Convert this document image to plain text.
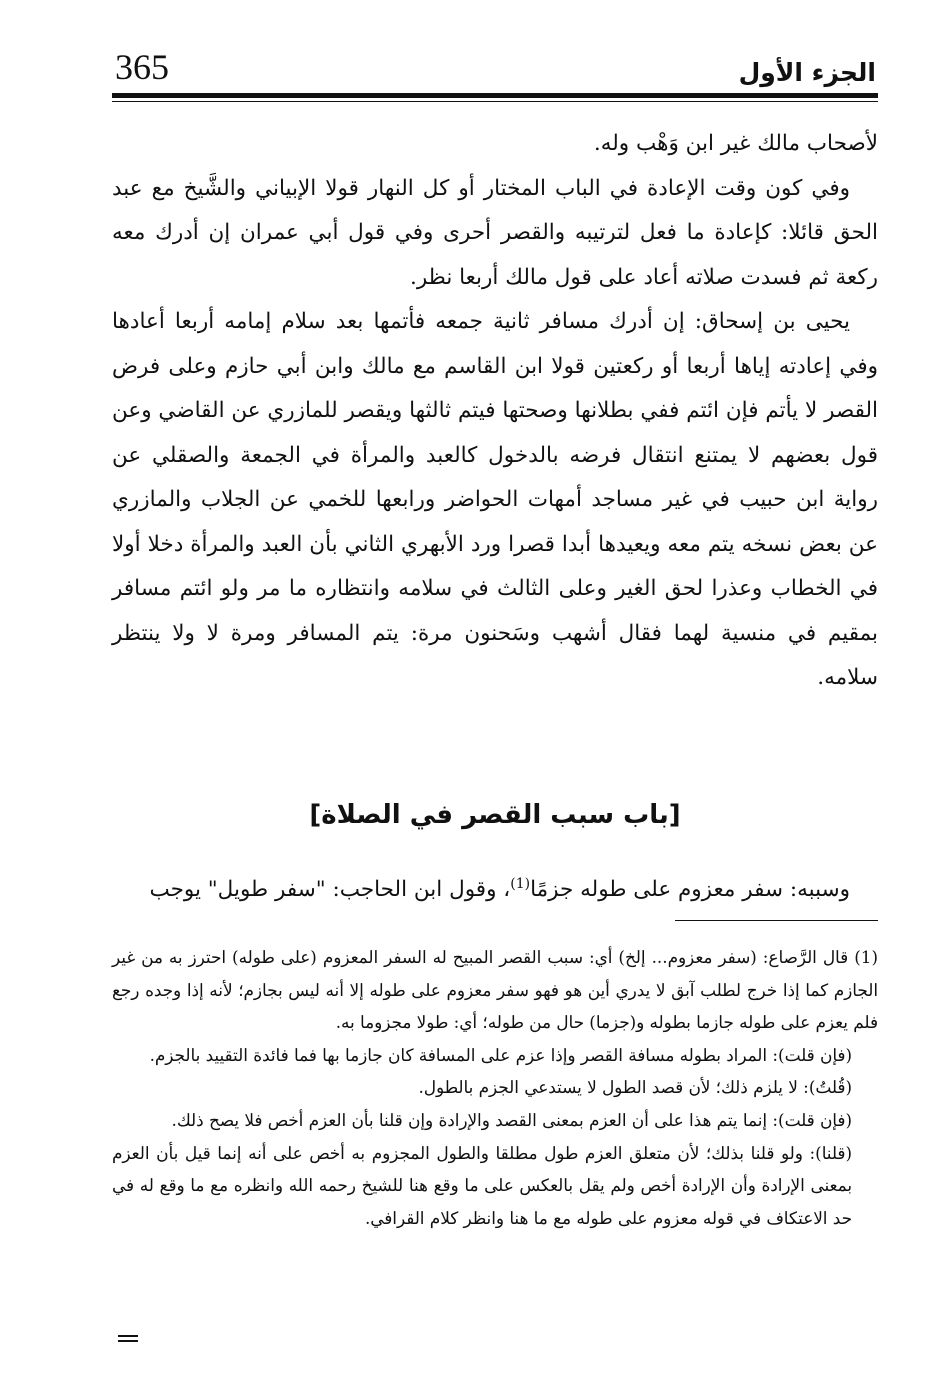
365	الجزء الأول

لأصحاب مالك غير ابن وَهْب وله.

وفي كون وقت الإعادة في الباب المختار أو كل النهار قولا الإبياني والشَّيخ مع عبد الحق قائلا: كإعادة ما فعل لترتيبه والقصر أحرى وفي قول أبي عمران إن أدرك معه ركعة ثم فسدت صلاته أعاد على قول مالك أربعا نظر.

يحيى بن إسحاق: إن أدرك مسافر ثانية جمعه فأتمها بعد سلام إمامه أربعا أعادها وفي إعادته إياها أربعا أو ركعتين قولا ابن القاسم مع مالك وابن أبي حازم وعلى فرض القصر لا يأتم فإن ائتم ففي بطلانها وصحتها فيتم ثالثها ويقصر للمازري عن القاضي وعن قول بعضهم لا يمتنع انتقال فرضه بالدخول كالعبد والمرأة في الجمعة والصقلي عن رواية ابن حبيب في غير مساجد أمهات الحواضر ورابعها للخمي عن الجلاب والمازري عن بعض نسخه يتم معه ويعيدها أبدا قصرا ورد الأبهري الثاني بأن العبد والمرأة دخلا أولا في الخطاب وعذرا لحق الغير وعلى الثالث في سلامه وانتظاره ما مر ولو ائتم مسافر بمقيم في منسية لهما فقال أشهب وسَحنون مرة: يتم المسافر ومرة لا ولا ينتظر سلامه.

[باب سبب القصر في الصلاة]
وسببه: سفر معزوم على طوله جزمًا$^{(1)}$، وقول ابن الحاجب: "سفر طويل" يوجب

(1) قال الرَّصاع: (سفر معزوم... إلخ) أي: سبب القصر المبيح له السفر المعزوم (على طوله) احترز به من غير الجازم كما إذا خرج لطلب آبق لا يدري أين هو فهو سفر معزوم على طوله إلا أنه ليس بجازم؛ لأنه إذا وجده رجع فلم يعزم على طوله جازما بطوله و(جزما) حال من طوله؛ أي: طولا مجزوما به.

(فإن قلت): المراد بطوله مسافة القصر وإذا عزم على المسافة كان جازما بها فما فائدة التقييد بالجزم.

(قُلتُ): لا يلزم ذلك؛ لأن قصد الطول لا يستدعي الجزم بالطول.

(فإن قلت): إنما يتم هذا على أن العزم بمعنى القصد والإرادة وإن قلنا بأن العزم أخص فلا يصح ذلك.

(قلنا): ولو قلنا بذلك؛ لأن متعلق العزم طول مطلقا والطول المجزوم به أخص على أنه إنما قيل بأن العزم بمعنى الإرادة وأن الإرادة أخص ولم يقل بالعكس على ما وقع هنا للشيخ رحمه الله وانظره مع ما وقع له في حد الاعتكاف في قوله معزوم على طوله مع ما هنا وانظر كلام القرافي.
